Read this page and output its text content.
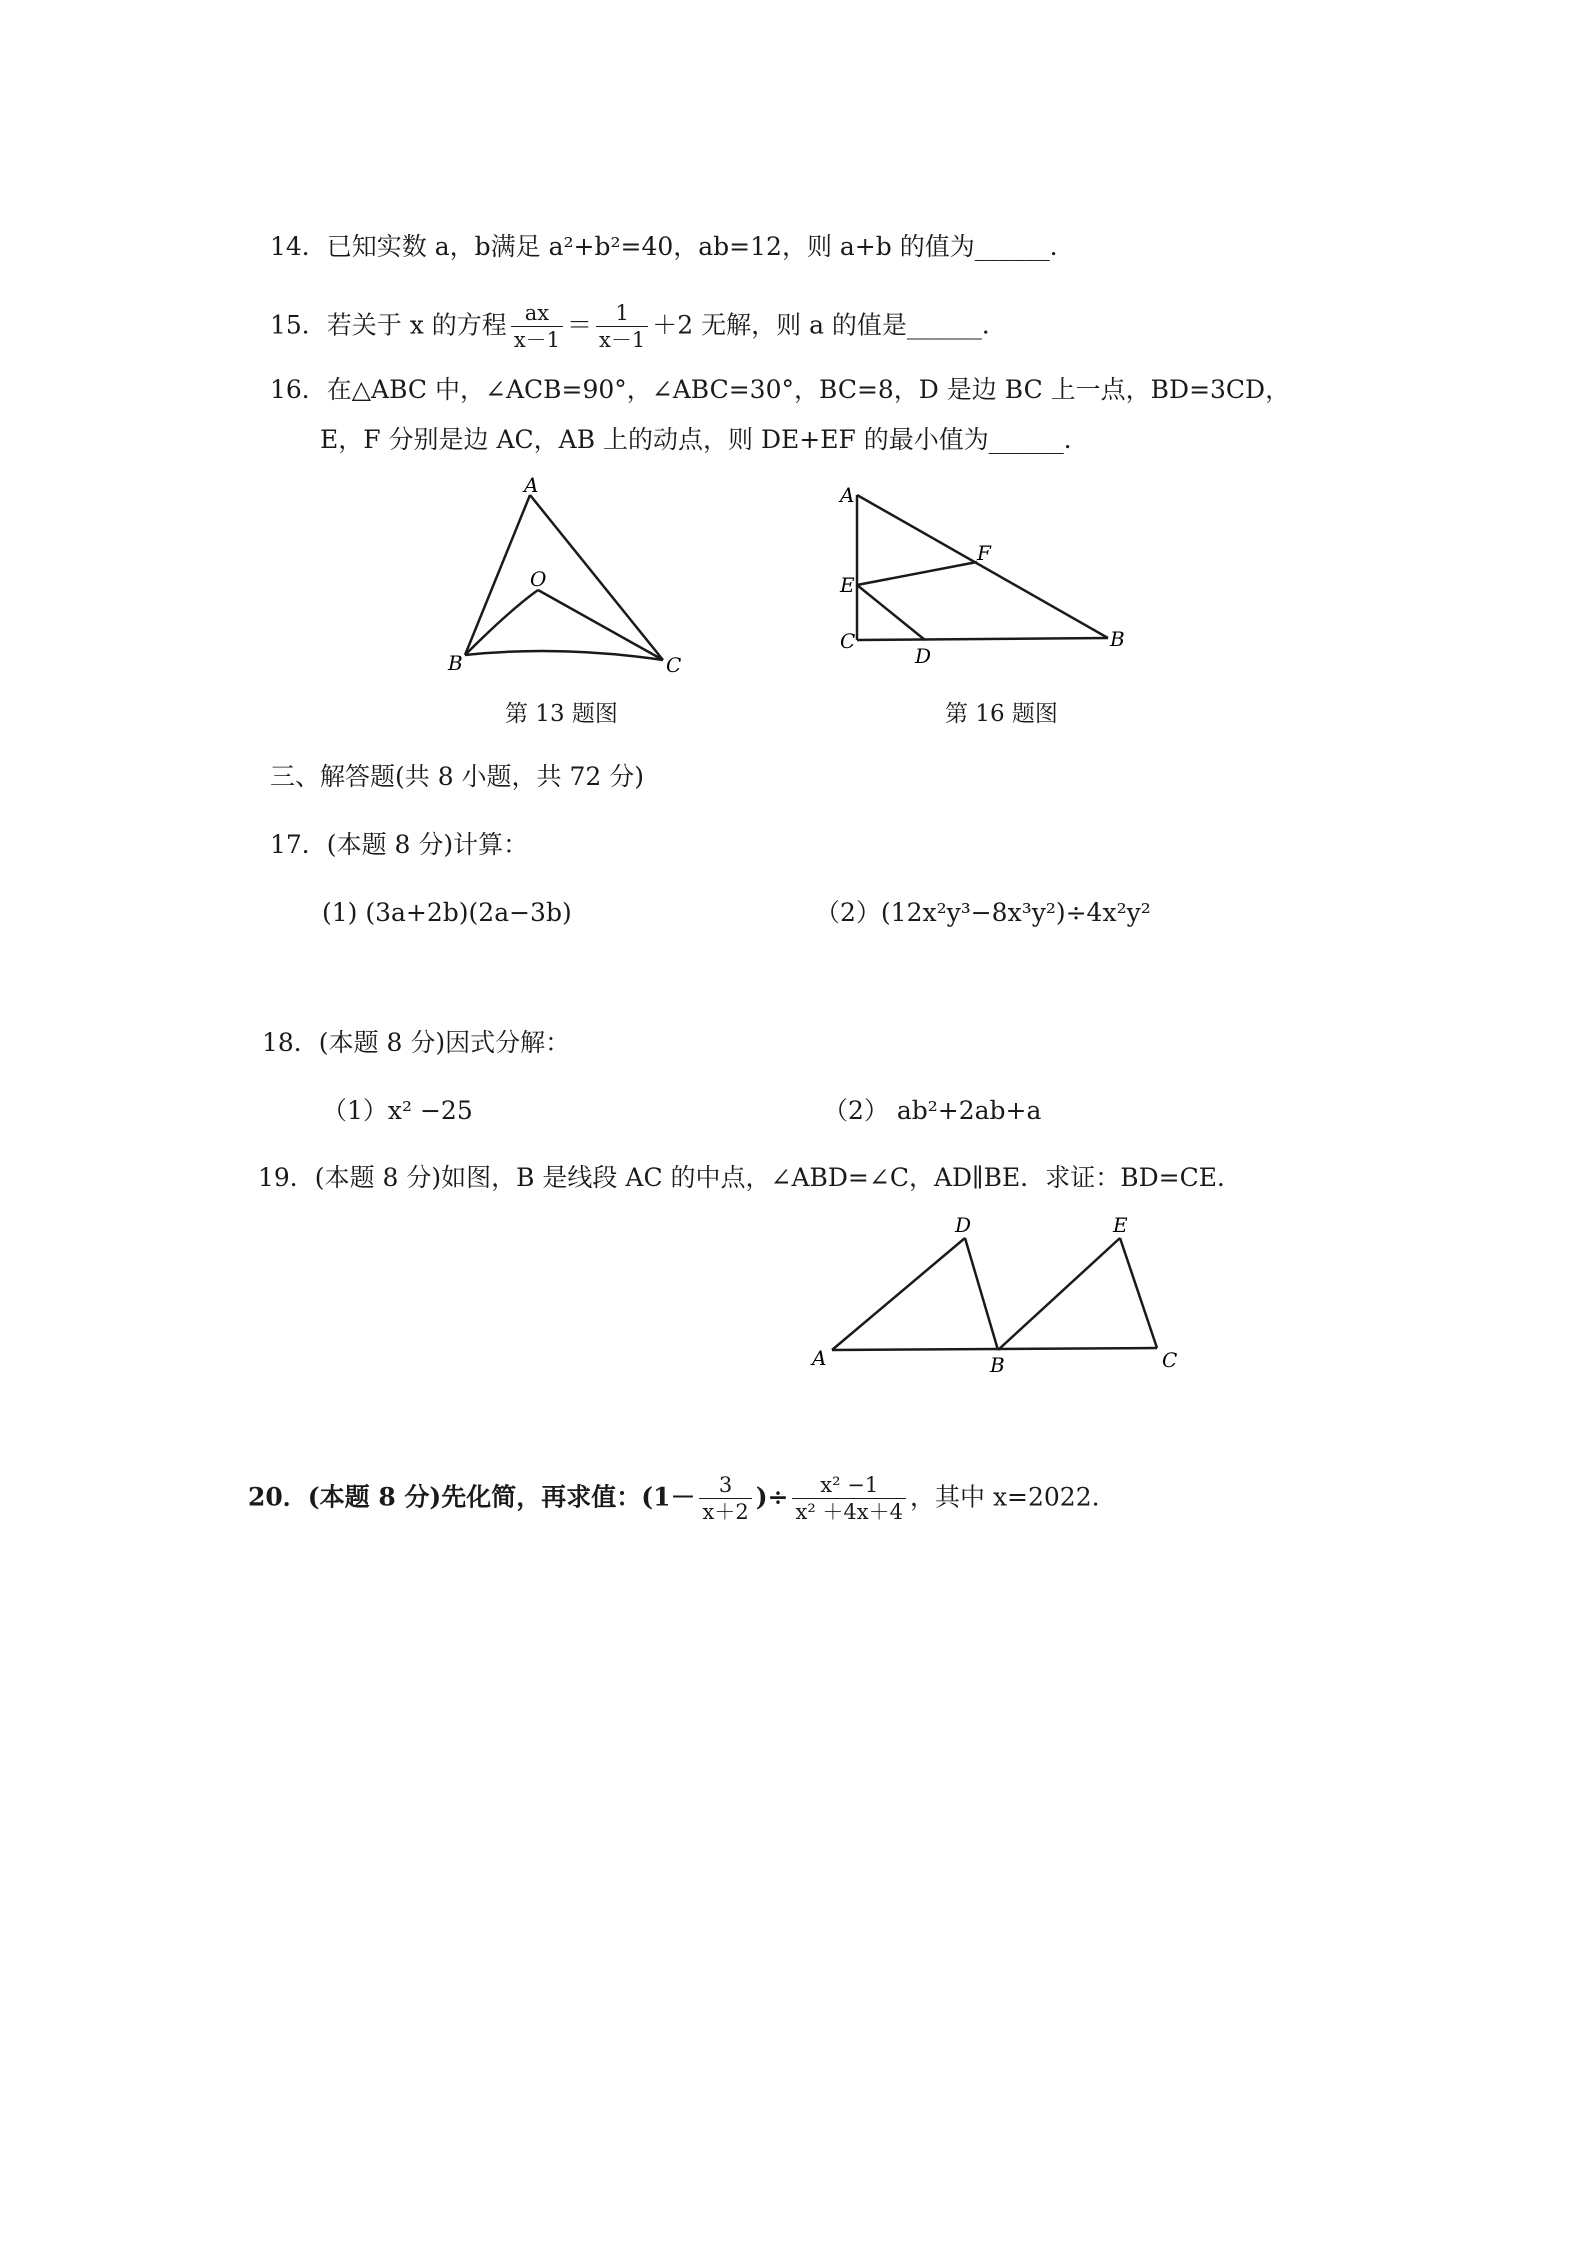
14．已知实数 a，b满足 a²+b²=40，ab=12，则 a+b 的值为______．
15．若关于 x 的方程 $\frac{ax}{x-1} = \frac{1}{x-1} +2$ 无解，则 a 的值是______．
16．在△ABC 中，∠ACB=90°，∠ABC=30°，BC=8，D 是边 BC 上一点，BD=3CD，
E，F 分别是边 AC，AB 上的动点，则 DE+EF 的最小值为______．
A
O
B	C
第 13 题图
A
F
E
C
D
B
第 16 题图
三、解答题(共 8 小题，共 72 分)
17．(本题 8 分)计算：
(1) (3a+2b)(2a−3b)	（2）(12x²y³−8x³y²)÷4x²y²
18．(本题 8 分)因式分解：
（1）x² −25	（2） ab²+2ab+a
19．(本题 8 分)如图，B 是线段 AC 的中点，∠ABD=∠C，AD∥BE．求证：BD=CE．
D	E
A	B	C
20．(本题 8 分)先化简，再求值：($1- \frac{3}{x+2}$ )÷ $\frac{\text{x² −1}}{\text{x² ＋4x＋4}}$ ，其中 x=2022.
